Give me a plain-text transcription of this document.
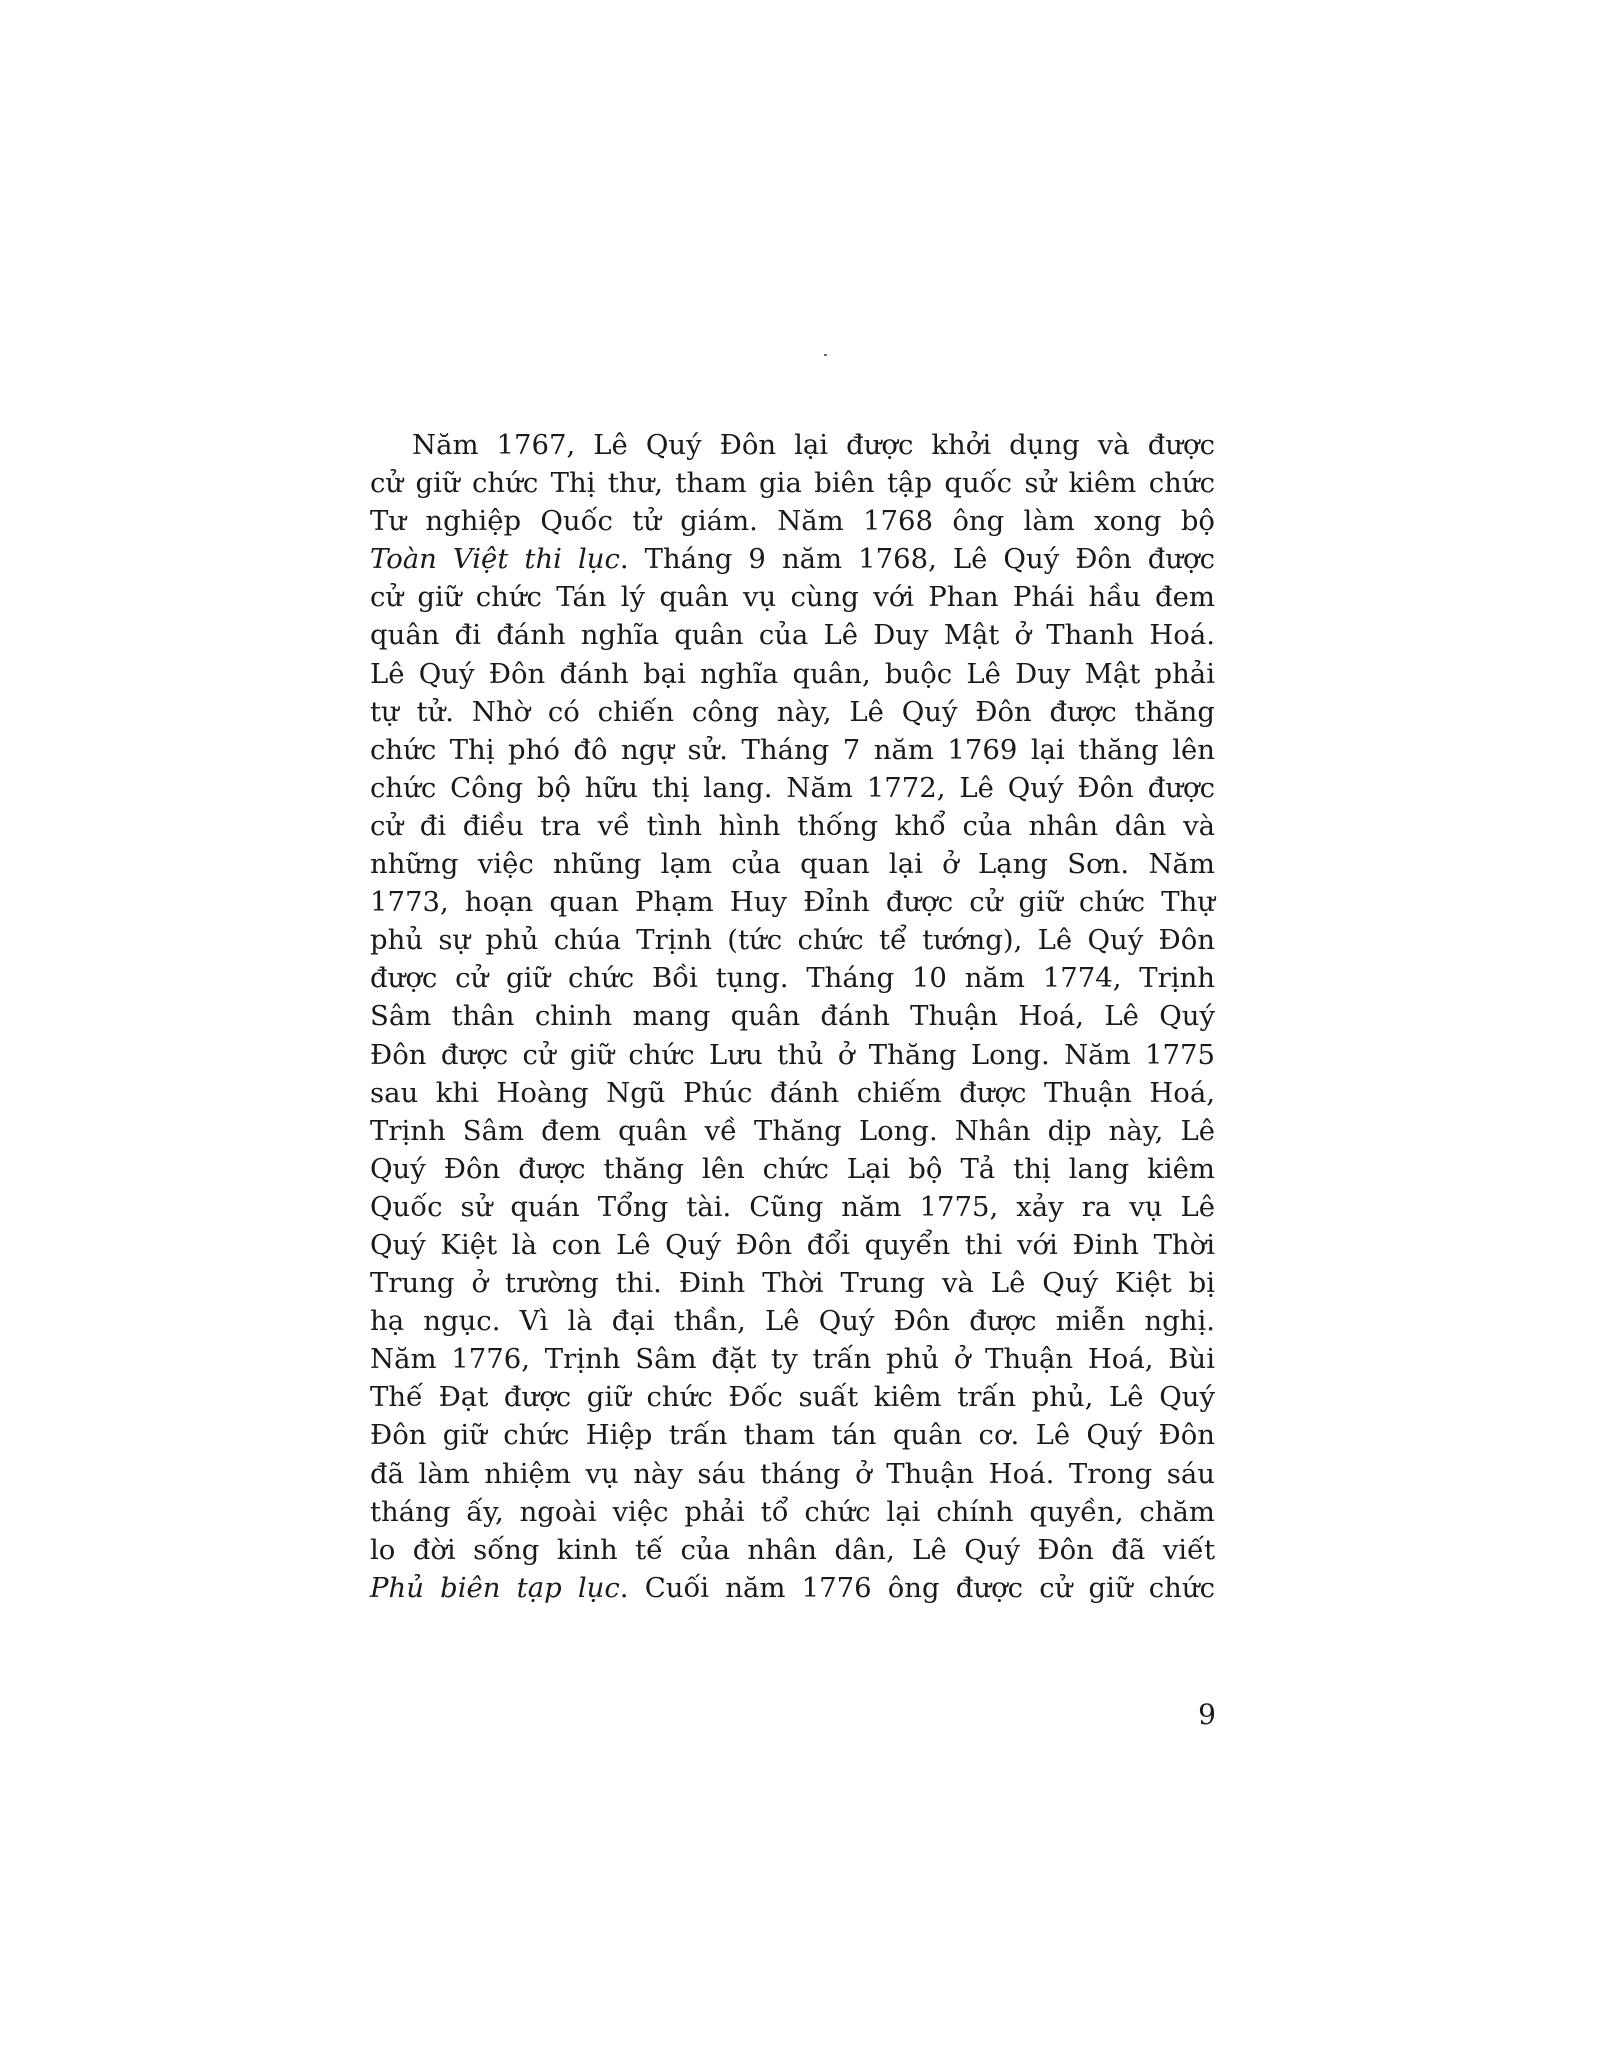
Năm 1767, Lê Quý Đôn lại được khởi dụng và được
cử giữ chức Thị thư, tham gia biên tập quốc sử kiêm chức
Tư nghiệp Quốc tử giám. Năm 1768 ông làm xong bộ
Toàn Việt thi lục. Tháng 9 năm 1768, Lê Quý Đôn được
cử giữ chức Tán lý quân vụ cùng với Phan Phái hầu đem
quân đi đánh nghĩa quân của Lê Duy Mật ở Thanh Hoá.
Lê Quý Đôn đánh bại nghĩa quân, buộc Lê Duy Mật phải
tự tử. Nhờ có chiến công này, Lê Quý Đôn được thăng
chức Thị phó đô ngự sử. Tháng 7 năm 1769 lại thăng lên
chức Công bộ hữu thị lang. Năm 1772, Lê Quý Đôn được
cử đi điều tra về tình hình thống khổ của nhân dân và
những việc nhũng lạm của quan lại ở Lạng Sơn. Năm
1773, hoạn quan Phạm Huy Đỉnh được cử giữ chức Thự
phủ sự phủ chúa Trịnh (tức chức tể tướng), Lê Quý Đôn
được cử giữ chức Bồi tụng. Tháng 10 năm 1774, Trịnh
Sâm thân chinh mang quân đánh Thuận Hoá, Lê Quý
Đôn được cử giữ chức Lưu thủ ở Thăng Long. Năm 1775
sau khi Hoàng Ngũ Phúc đánh chiếm được Thuận Hoá,
Trịnh Sâm đem quân về Thăng Long. Nhân dịp này, Lê
Quý Đôn được thăng lên chức Lại bộ Tả thị lang kiêm
Quốc sử quán Tổng tài. Cũng năm 1775, xảy ra vụ Lê
Quý Kiệt là con Lê Quý Đôn đổi quyển thi với Đinh Thời
Trung ở trường thi. Đinh Thời Trung và Lê Quý Kiệt bị
hạ ngục. Vì là đại thần, Lê Quý Đôn được miễn nghị.
Năm 1776, Trịnh Sâm đặt ty trấn phủ ở Thuận Hoá, Bùi
Thế Đạt được giữ chức Đốc suất kiêm trấn phủ, Lê Quý
Đôn giữ chức Hiệp trấn tham tán quân cơ. Lê Quý Đôn
đã làm nhiệm vụ này sáu tháng ở Thuận Hoá. Trong sáu
tháng ấy, ngoài việc phải tổ chức lại chính quyền, chăm
lo đời sống kinh tế của nhân dân, Lê Quý Đôn đã viết
Phủ biên tạp lục. Cuối năm 1776 ông được cử giữ chức
9
